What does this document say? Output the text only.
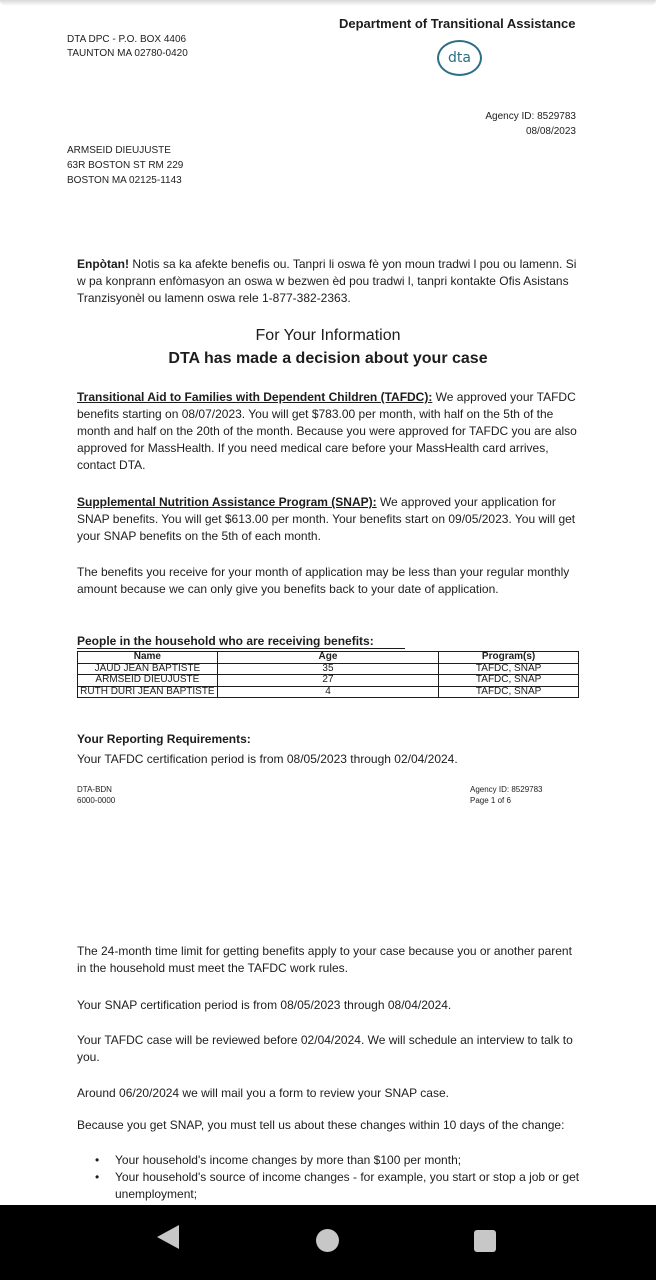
DTA DPC - P.O. BOX 4406
TAUNTON MA 02780-0420
Department of Transitional Assistance
dta
Agency ID: 8529783
08/08/2023
ARMSEID DIEUJUSTE
63R BOSTON ST RM 229
BOSTON MA 02125-1143
Enpòtan! Notis sa ka afekte benefis ou. Tanpri li oswa fè yon moun tradwi l pou ou lamenn. Si w pa konprann enfòmasyon an oswa w bezwen èd pou tradwi l, tanpri kontakte Ofis Asistans Tranzisyonèl ou lamenn oswa rele 1-877-382-2363.
For Your Information
DTA has made a decision about your case
Transitional Aid to Families with Dependent Children (TAFDC): We approved your TAFDC benefits starting on 08/07/2023. You will get $783.00 per month, with half on the 5th of the month and half on the 20th of the month. Because you were approved for TAFDC you are also approved for MassHealth. If you need medical care before your MassHealth card arrives, contact DTA.
Supplemental Nutrition Assistance Program (SNAP): We approved your application for SNAP benefits. You will get $613.00 per month. Your benefits start on 09/05/2023. You will get your SNAP benefits on the 5th of each month.
The benefits you receive for your month of application may be less than your regular monthly amount because we can only give you benefits back to your date of application.
People in the household who are receiving benefits:
Name	Age	Program(s)
JAUD JEAN BAPTISTE	35	TAFDC, SNAP
ARMSEID DIEUJUSTE	27	TAFDC, SNAP
RUTH DURI JEAN BAPTISTE	4	TAFDC, SNAP
Your Reporting Requirements:
Your TAFDC certification period is from 08/05/2023 through 02/04/2024.
DTA-BDN
6000-0000
Agency ID: 8529783
Page 1 of 6
The 24-month time limit for getting benefits apply to your case because you or another parent in the household must meet the TAFDC work rules.
Your SNAP certification period is from 08/05/2023 through 08/04/2024.
Your TAFDC case will be reviewed before 02/04/2024. We will schedule an interview to talk to you.
Around 06/20/2024 we will mail you a form to review your SNAP case.
Because you get SNAP, you must tell us about these changes within 10 days of the change:
• Your household's income changes by more than $100 per month;
• Your household's source of income changes - for example, you start or stop a job or get unemployment;
